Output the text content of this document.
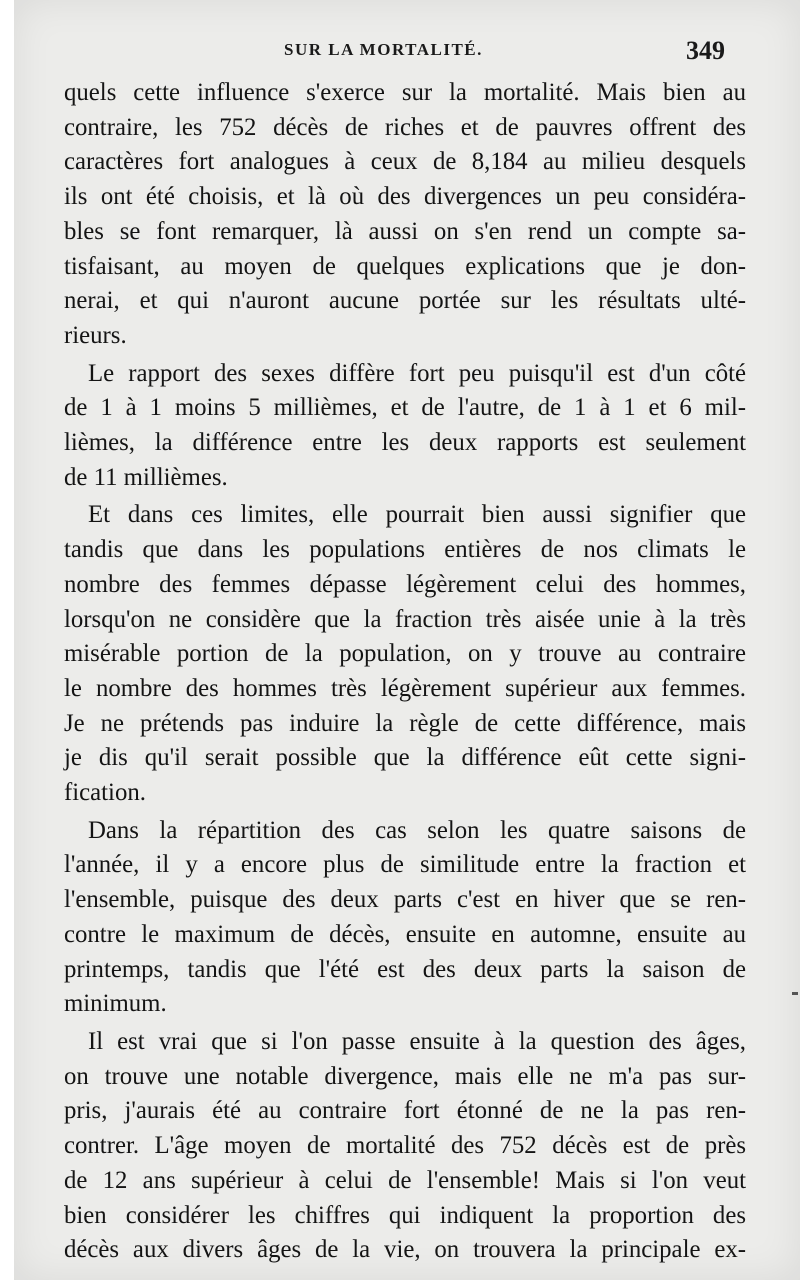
SUR LA MORTALITÉ.	349

quels cette influence s'exerce sur la mortalité. Mais bien au
contraire, les 752 décès de riches et de pauvres offrent des
caractères fort analogues à ceux de 8,184 au milieu desquels
ils ont été choisis, et là où des divergences un peu considéra-
bles se font remarquer, là aussi on s'en rend un compte sa-
tisfaisant, au moyen de quelques explications que je don-
nerai, et qui n'auront aucune portée sur les résultats ulté-
rieurs.

Le rapport des sexes diffère fort peu puisqu'il est d'un côté
de 1 à 1 moins 5 millièmes, et de l'autre, de 1 à 1 et 6 mil-
lièmes, la différence entre les deux rapports est seulement
de 11 millièmes.

Et dans ces limites, elle pourrait bien aussi signifier que
tandis que dans les populations entières de nos climats le
nombre des femmes dépasse légèrement celui des hommes,
lorsqu'on ne considère que la fraction très aisée unie à la très
misérable portion de la population, on y trouve au contraire
le nombre des hommes très légèrement supérieur aux femmes.
Je ne prétends pas induire la règle de cette différence, mais
je dis qu'il serait possible que la différence eût cette signi-
fication.

Dans la répartition des cas selon les quatre saisons de
l'année, il y a encore plus de similitude entre la fraction et
l'ensemble, puisque des deux parts c'est en hiver que se ren-
contre le maximum de décès, ensuite en automne, ensuite au
printemps, tandis que l'été est des deux parts la saison de
minimum.

Il est vrai que si l'on passe ensuite à la question des âges,
on trouve une notable divergence, mais elle ne m'a pas sur-
pris, j'aurais été au contraire fort étonné de ne la pas ren-
contrer. L'âge moyen de mortalité des 752 décès est de près
de 12 ans supérieur à celui de l'ensemble! Mais si l'on veut
bien considérer les chiffres qui indiquent la proportion des
décès aux divers âges de la vie, on trouvera la principale ex-
